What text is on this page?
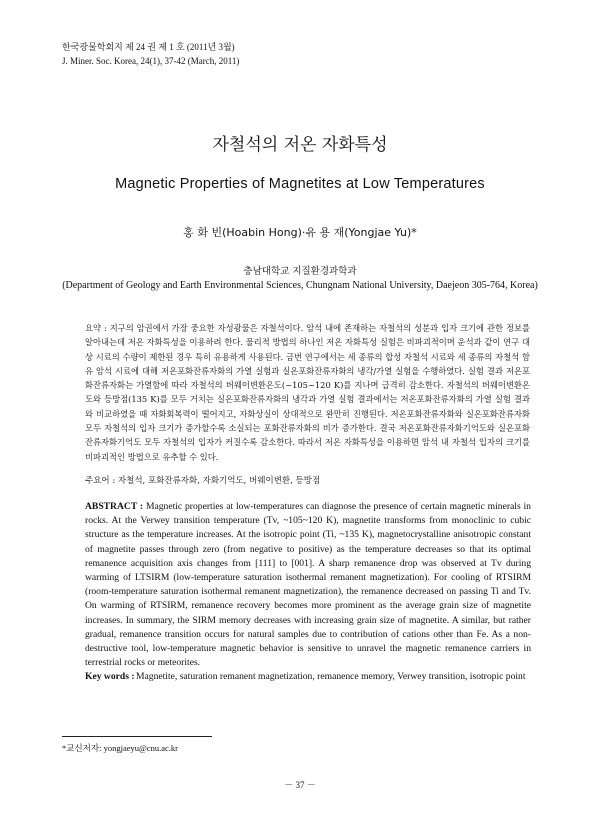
한국광물학회지 제 24 권 제 1 호 (2011년 3월)
J. Miner. Soc. Korea, 24(1), 37-42 (March, 2011)
자철석의 저온 자화특성
Magnetic Properties of Magnetites at Low Temperatures
홍 화 빈(Hoabin Hong)·유 용 재(Yongjae Yu)*
충남대학교 지질환경과학과
(Department of Geology and Earth Environmental Sciences, Chungnam National University, Daejeon 305-764, Korea)

요약 : 지구의 암권에서 가장 중요한 자성광물은 자철석이다. 암석 내에 존재하는 자철석의 성분과 입자 크기에 관한 정보를 알아내는데 저온 자화특성을 이용하려 한다. 물리적 방법의 하나인 저온 자화특성 실험은 비파괴적이며 운석과 같이 연구 대상 시료의 수량이 제한된 경우 특히 유용하게 사용된다. 금번 연구에서는 세 종류의 합성 자철석 시료와 세 종류의 자철석 함유 암석 시료에 대해 저온포화잔류자화의 가열 실험과 실온포화잔류자화의 냉각/가열 실험을 수행하였다. 실험 결과 저온포화잔류자화는 가열함에 따라 자철석의 버웨이변환온도(~105~120 K)를 지나며 급격히 감소한다. 자철석의 버웨이변환온도와 등방점(135 K)를 모두 거치는 실온포화잔류자화의 냉각과 가열 실험 결과에서는 저온포화잔류자화의 가열 실험 결과와 비교하였을 때 자화회복력이 떨어지고, 자화상실이 상대적으로 완만히 진행된다. 저온포화잔류자화와 실온포화잔류자화 모두 자철석의 입자 크기가 증가할수록 소실되는 포화잔류자화의 비가 증가한다. 결국 저온포화잔류자화기억도와 실온포화잔류자화기억도 모두 자철석의 입자가 커질수록 감소한다. 따라서 저온 자화특성을 이용하면 암석 내 자철석 입자의 크기를 비파괴적인 방법으로 유추할 수 있다.

주요어 : 자철석, 포화잔류자화, 자화기억도, 버웨이변환, 등방점

ABSTRACT : Magnetic properties at low-temperatures can diagnose the presence of certain magnetic minerals in rocks. At the Verwey transition temperature (Tv, ~105~120 K), magnetite transforms from monoclinic to cubic structure as the temperature increases. At the isotropic point (Ti, ~135 K), magnetocrystalline anisotropic constant of magnetite passes through zero (from negative to positive) as the temperature decreases so that its optimal remanence acquisition axis changes from [111] to [001]. A sharp remanence drop was observed at Tv during warming of LTSIRM (low-temperature saturation isothermal remanent magnetization). For cooling of RTSIRM (room-temperature saturation isothermal remanent magnetization), the remanence decreased on passing Ti and Tv. On warming of RTSIRM, remanence recovery becomes more prominent as the average grain size of magnetite increases. In summary, the SIRM memory decreases with increasing grain size of magnetite. A similar, but rather gradual, remanence transition occurs for natural samples due to contribution of cations other than Fe. As a non-destructive tool, low-temperature magnetic behavior is sensitive to unravel the magnetic remanence carriers in terrestrial rocks or meteorites.

Key words : Magnetite, saturation remanent magnetization, remanence memory, Verwey transition, isotropic point
*교신저자: yongjaeyu@cnu.ac.kr
－ 37 －
